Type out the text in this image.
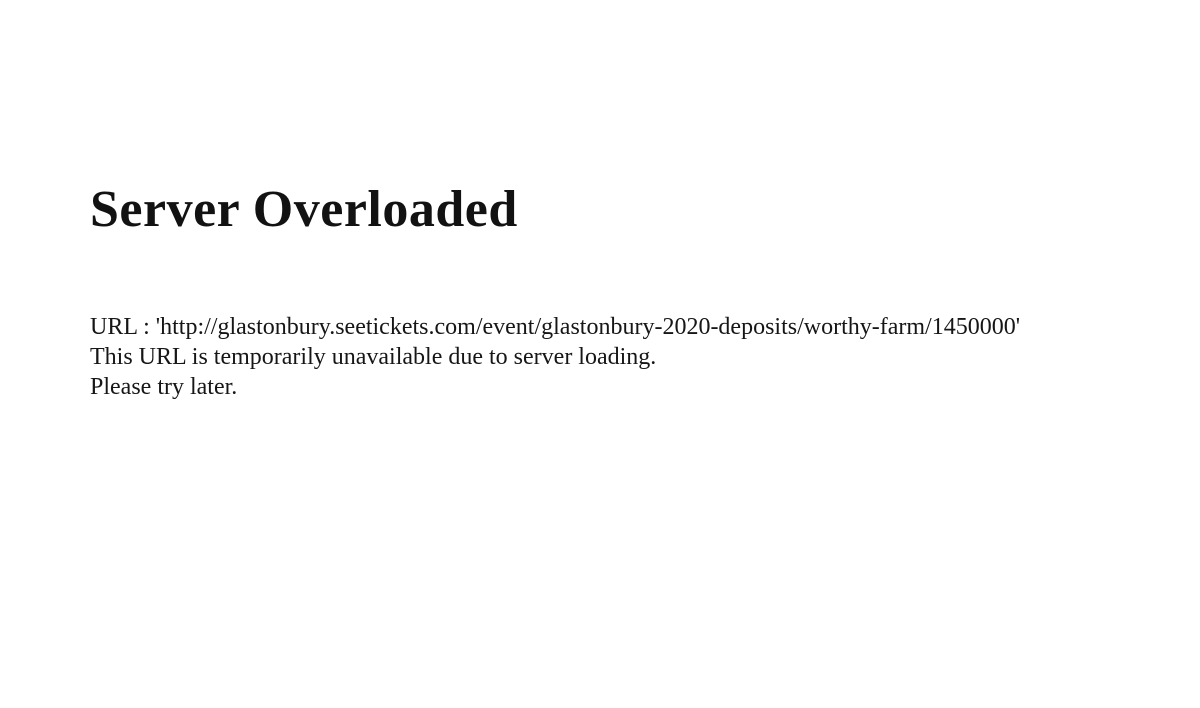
Server Overloaded
URL : 'http://glastonbury.seetickets.com/event/glastonbury-2020-deposits/worthy-farm/1450000'
This URL is temporarily unavailable due to server loading.
Please try later.
